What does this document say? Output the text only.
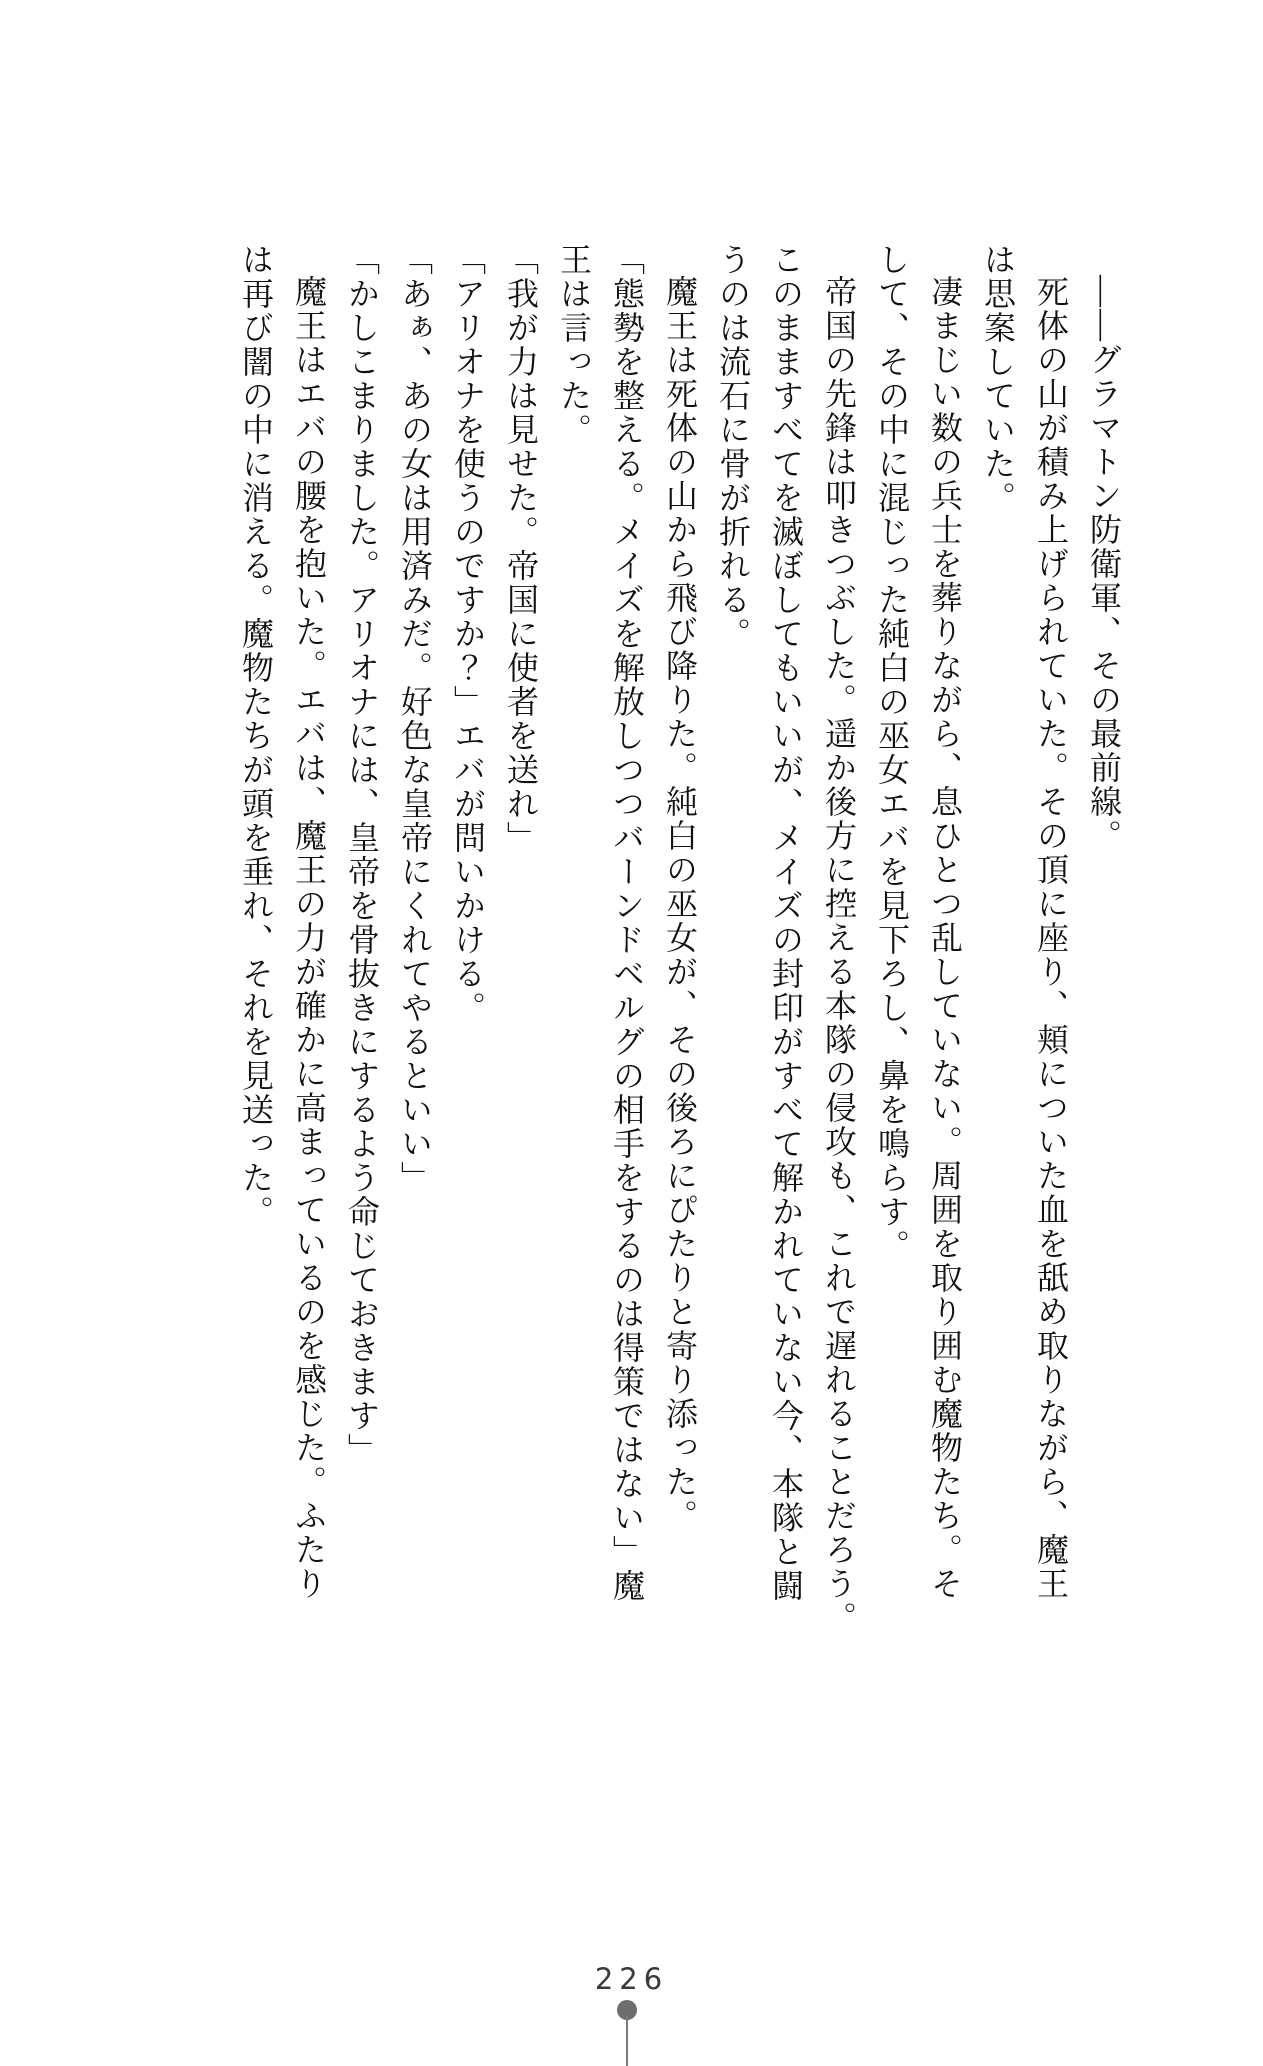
――グラマトン防衛軍、その最前線。

死体の山が積み上げられていた。その頂に座り、頬についた血を舐め取りながら、魔王

は思案していた。

凄まじい数の兵士を葬りながら、息ひとつ乱していない。周囲を取り囲む魔物たち。そ

して、その中に混じった純白の巫女エバを見下ろし、鼻を鳴らす。

帝国の先鋒は叩きつぶした。遥か後方に控える本隊の侵攻も、これで遅れることだろう。

このまますべてを滅ぼしてもいいが、メイズの封印がすべて解かれていない今、本隊と闘

うのは流石に骨が折れる。

魔王は死体の山から飛び降りた。純白の巫女が、その後ろにぴたりと寄り添った。

「態勢を整える。メイズを解放しつつバーンドベルグの相手をするのは得策ではない」魔

王は言った。

「我が力は見せた。帝国に使者を送れ」

「アリオナを使うのですか？」エバが問いかける。

「あぁ、あの女は用済みだ。好色な皇帝にくれてやるといい」

「かしこまりました。アリオナには、皇帝を骨抜きにするよう命じておきます」

魔王はエバの腰を抱いた。エバは、魔王の力が確かに高まっているのを感じた。ふたり

は再び闇の中に消える。魔物たちが頭を垂れ、それを見送った。

226
